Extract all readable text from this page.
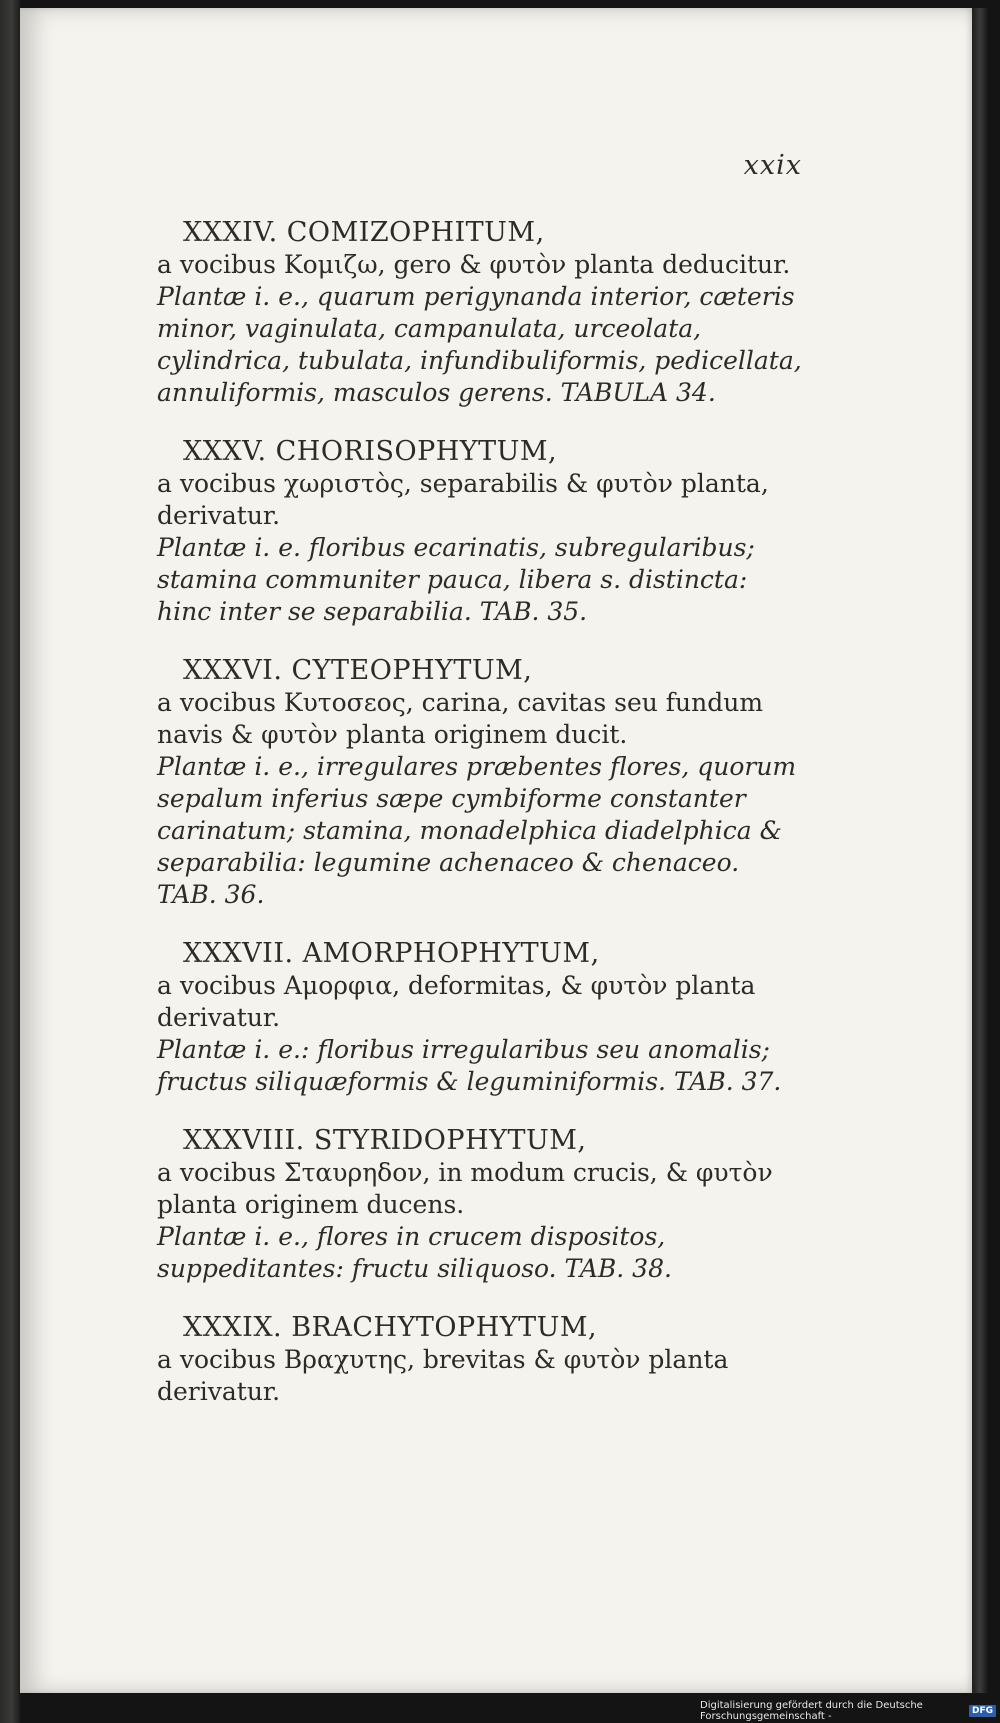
xxix
XXXIV. COMIZOPHITUM,
a vocibus Κομιζω, gero & φυτὸν planta deducitur.
Plantæ i. e., quarum perigynanda interior, cæteris minor, vaginulata, campanulata, urceolata, cylindrica, tubulata, infundibuliformis, pedicellata, annuliformis, masculos gerens. TABULA 34.
XXXV. CHORISOPHYTUM,
a vocibus χωριστὸς, separabilis & φυτὸν planta, derivatur.
Plantæ i. e. floribus ecarinatis, subregularibus; stamina communiter pauca, libera s. distincta: hinc inter se separabilia. TAB. 35.
XXXVI. CYTEOPHYTUM,
a vocibus Κυτοσεος, carina, cavitas seu fundum navis & φυτὸν planta originem ducit.
Plantæ i. e., irregulares præbentes flores, quorum sepalum inferius sæpe cymbiforme constanter carinatum; stamina, monadelphica diadelphica & separabilia: legumine achenaceo & chenaceo. TAB. 36.
XXXVII. AMORPHOPHYTUM,
a vocibus Αμορφια, deformitas, & φυτὸν planta derivatur.
Plantæ i. e.: floribus irregularibus seu anomalis; fructus siliquæformis & leguminiformis. TAB. 37.
XXXVIII. STYRIDOPHYTUM,
a vocibus Σταυρηδον, in modum crucis, & φυτὸν planta originem ducens.
Plantæ i. e., flores in crucem dispositos, suppeditantes: fructu siliquoso. TAB. 38.
XXXIX. BRACHYTOPHYTUM,
a vocibus Βραχυτης, brevitas & φυτὸν planta derivatur.
Digitalisierung gefördert durch die Deutsche Forschungsgemeinschaft -	DFG
